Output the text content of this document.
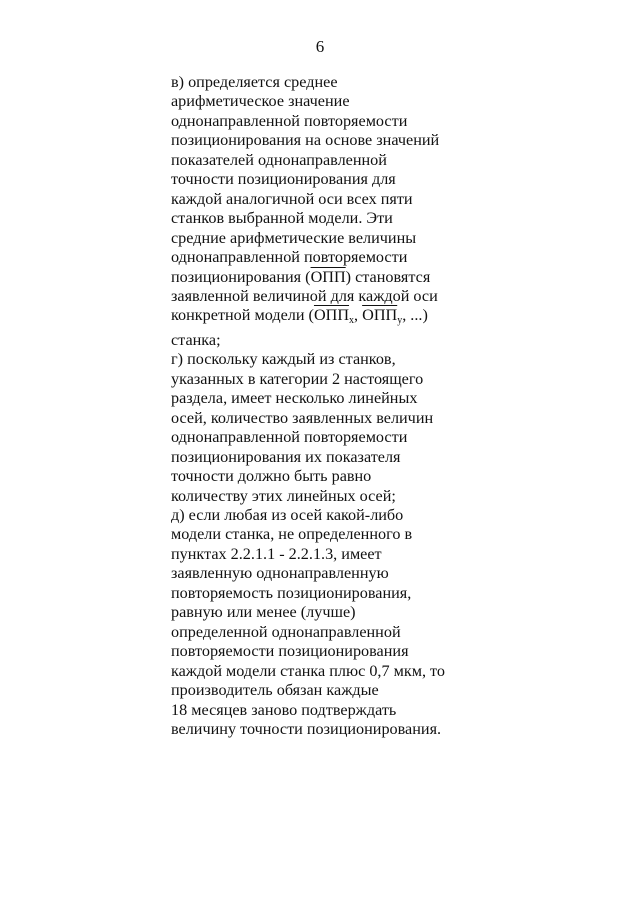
6
в) определяется среднее
арифметическое значение
однонаправленной повторяемости
позиционирования на основе значений
показателей однонаправленной
точности позиционирования для
каждой аналогичной оси всех пяти
станков выбранной модели. Эти
средние арифметические величины
однонаправленной повторяемости
позиционирования (ОПП) становятся
заявленной величиной для каждой оси
конкретной модели ($ОПП_x$, $ОПП_y$, ...)
станка;
г) поскольку каждый из станков,
указанных в категории 2 настоящего
раздела, имеет несколько линейных
осей, количество заявленных величин
однонаправленной повторяемости
позиционирования их показателя
точности должно быть равно
количеству этих линейных осей;
д) если любая из осей какой-либо
модели станка, не определенного в
пунктах 2.2.1.1 - 2.2.1.3, имеет
заявленную однонаправленную
повторяемость позиционирования,
равную или менее (лучше)
определенной однонаправленной
повторяемости позиционирования
каждой модели станка плюс 0,7 мкм, то
производитель обязан каждые
18 месяцев заново подтверждать
величину точности позиционирования.
